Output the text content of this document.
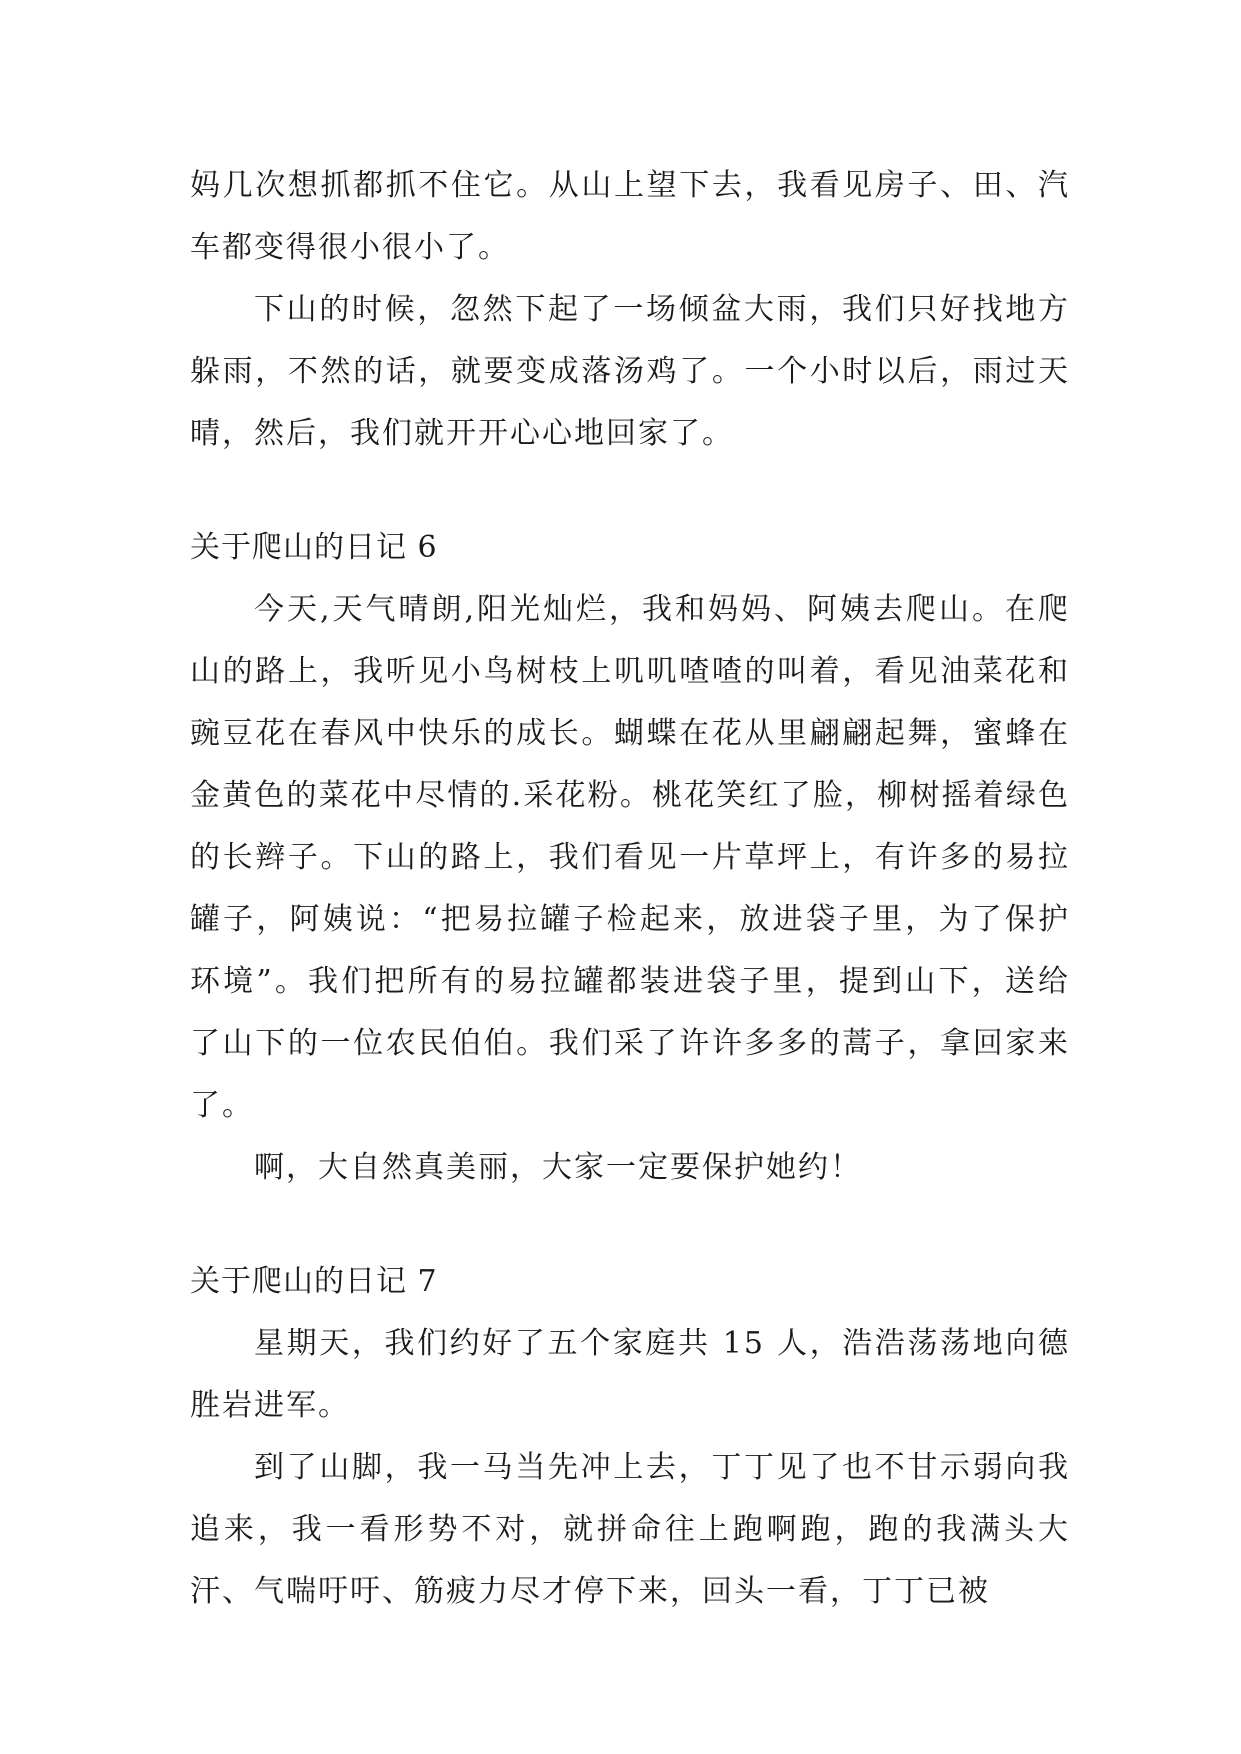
妈几次想抓都抓不住它。从山上望下去，我看见房子、田、汽车都变得很小很小了。

下山的时候，忽然下起了一场倾盆大雨，我们只好找地方躲雨，不然的话，就要变成落汤鸡了。一个小时以后，雨过天晴，然后，我们就开开心心地回家了。

关于爬山的日记 6

今天,天气晴朗,阳光灿烂，我和妈妈、阿姨去爬山。在爬山的路上，我听见小鸟树枝上叽叽喳喳的叫着，看见油菜花和豌豆花在春风中快乐的成长。蝴蝶在花从里翩翩起舞，蜜蜂在金黄色的菜花中尽情的.采花粉。桃花笑红了脸，柳树摇着绿色的长辫子。下山的路上，我们看见一片草坪上，有许多的易拉罐子，阿姨说：“把易拉罐子检起来，放进袋子里，为了保护环境”。我们把所有的易拉罐都装进袋子里，提到山下，送给了山下的一位农民伯伯。我们采了许许多多的蒿子，拿回家来了。

啊，大自然真美丽，大家一定要保护她约！

关于爬山的日记 7

星期天，我们约好了五个家庭共 15 人，浩浩荡荡地向德胜岩进军。

到了山脚，我一马当先冲上去，丁丁见了也不甘示弱向我追来，我一看形势不对，就拼命往上跑啊跑，跑的我满头大汗、气喘吁吁、筋疲力尽才停下来，回头一看，丁丁已被
